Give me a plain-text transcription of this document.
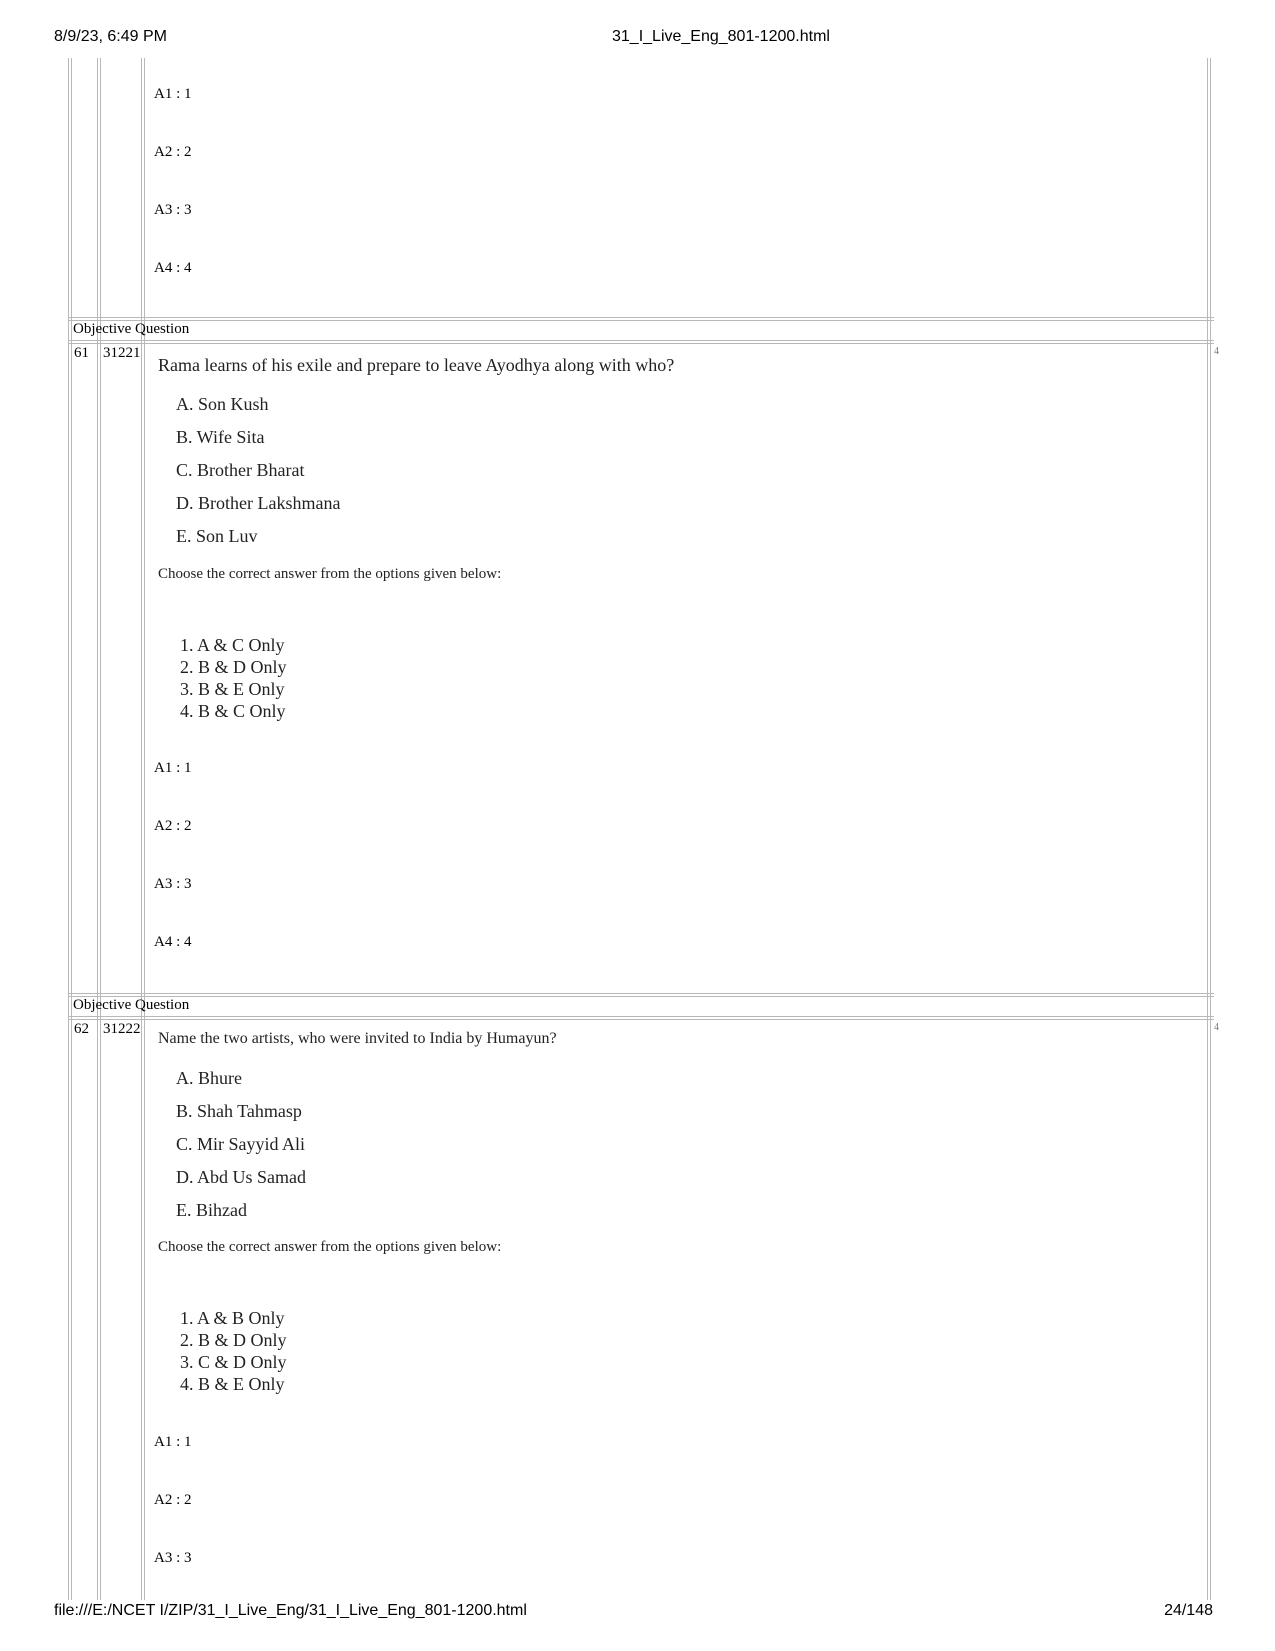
8/9/23, 6:49 PM	31_I_Live_Eng_801-1200.html
file:///E:/NCET I/ZIP/31_I_Live_Eng/31_I_Live_Eng_801-1200.html	24/148
A1 : 1
A2 : 2
A3 : 3
A4 : 4
Objective Question
61 31221	4
Rama learns of his exile and prepare to leave Ayodhya along with who?
A. Son Kush
B. Wife Sita
C. Brother Bharat
D. Brother Lakshmana
E. Son Luv
Choose the correct answer from the options given below:
1. A & C Only
2. B & D Only
3. B & E Only
4. B & C Only
A1 : 1
A2 : 2
A3 : 3
A4 : 4
Objective Question
62 31222	4
Name the two artists, who were invited to India by Humayun?
A. Bhure
B. Shah Tahmasp
C. Mir Sayyid Ali
D. Abd Us Samad
E. Bihzad
Choose the correct answer from the options given below:
1. A & B Only
2. B & D Only
3. C & D Only
4. B & E Only
A1 : 1
A2 : 2
A3 : 3
